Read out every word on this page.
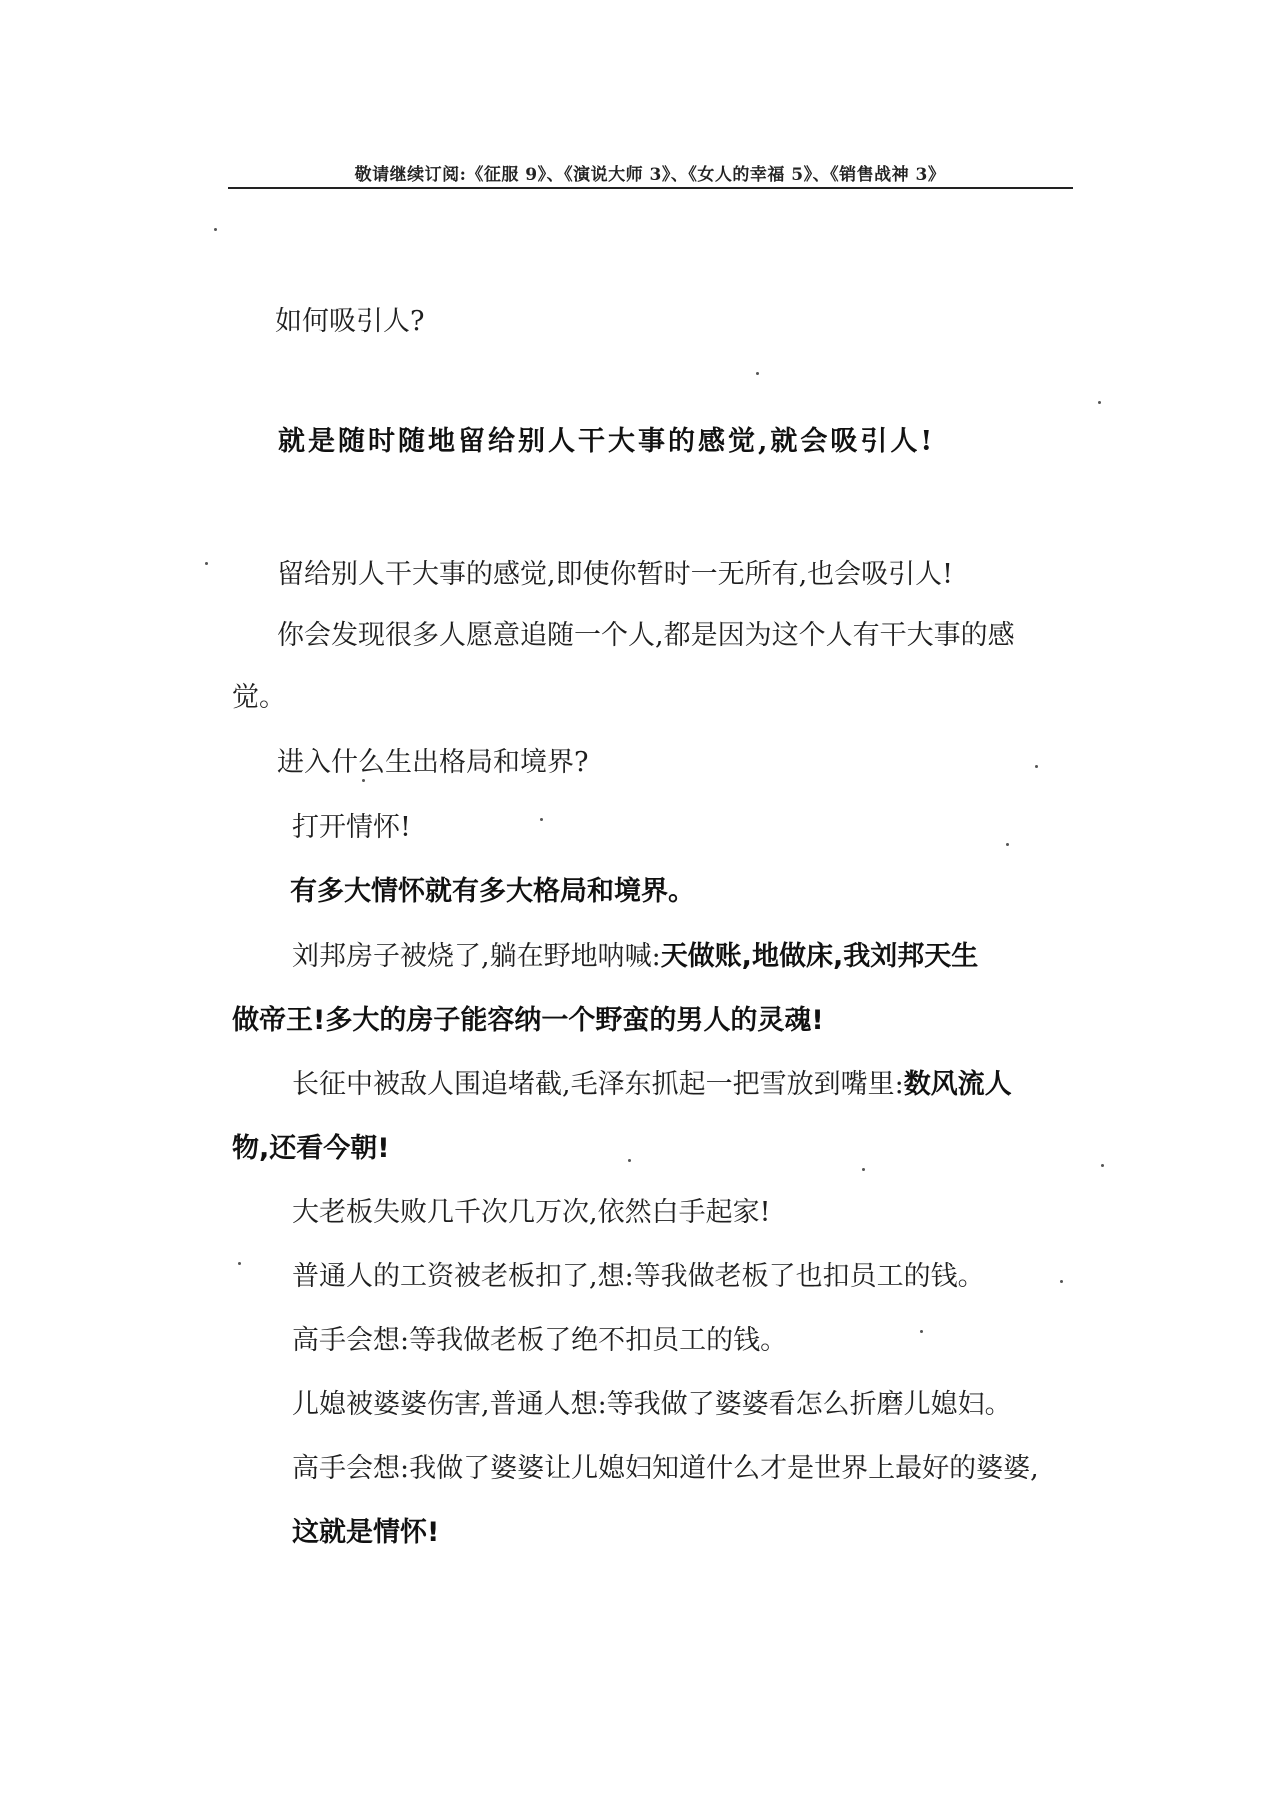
敬请继续订阅:《征服 9》、《演说大师 3》、《女人的幸福 5》、《销售战神 3》
如何吸引人?
就是随时随地留给别人干大事的感觉,就会吸引人!
留给别人干大事的感觉,即使你暂时一无所有,也会吸引人!
你会发现很多人愿意追随一个人,都是因为这个人有干大事的感
觉。
进入什么生出格局和境界?
打开情怀!
有多大情怀就有多大格局和境界。
刘邦房子被烧了,躺在野地呐喊:天做账,地做床,我刘邦天生
做帝王!多大的房子能容纳一个野蛮的男人的灵魂!
长征中被敌人围追堵截,毛泽东抓起一把雪放到嘴里:数风流人
物,还看今朝!
大老板失败几千次几万次,依然白手起家!
普通人的工资被老板扣了,想:等我做老板了也扣员工的钱。
高手会想:等我做老板了绝不扣员工的钱。
儿媳被婆婆伤害,普通人想:等我做了婆婆看怎么折磨儿媳妇。
高手会想:我做了婆婆让儿媳妇知道什么才是世界上最好的婆婆,
这就是情怀!
